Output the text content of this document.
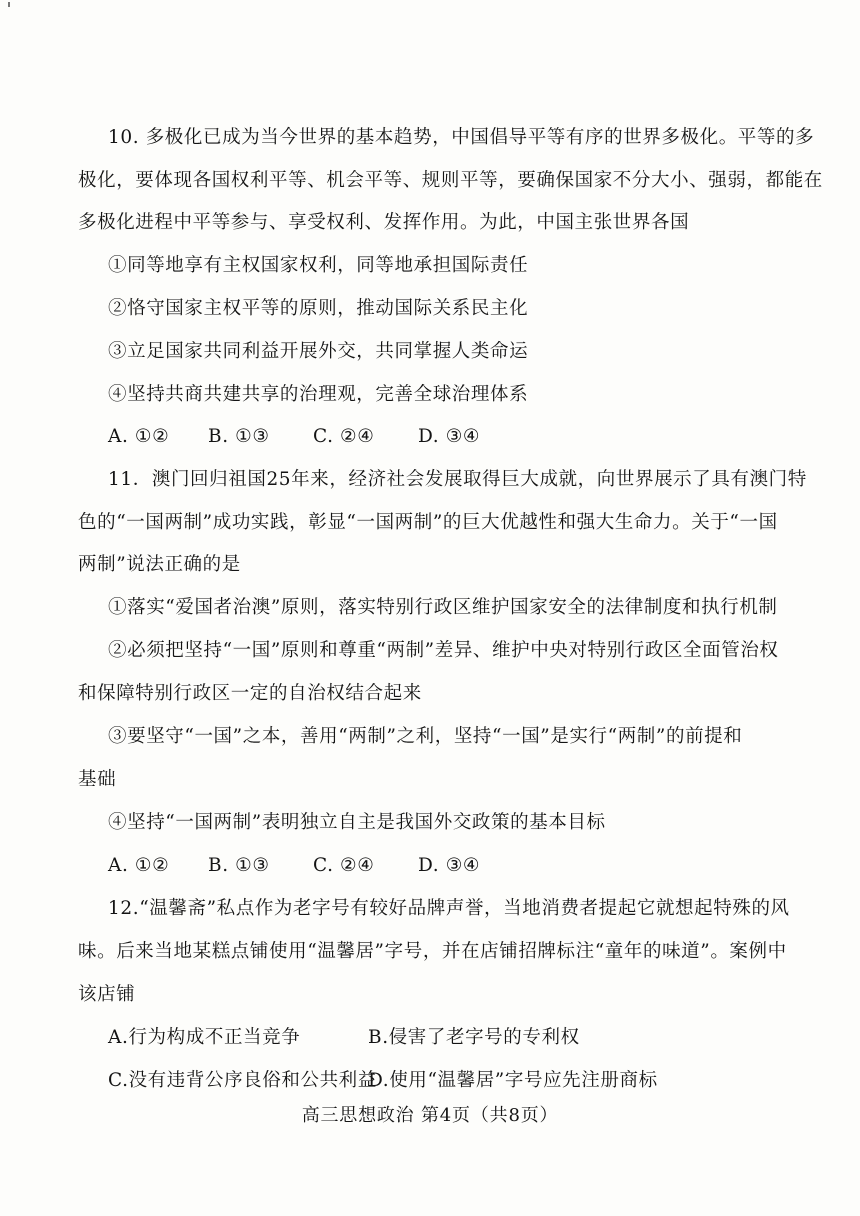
10. 多极化已成为当今世界的基本趋势，中国倡导平等有序的世界多极化。平等的多
极化，要体现各国权利平等、机会平等、规则平等，要确保国家不分大小、强弱，都能在
多极化进程中平等参与、享受权利、发挥作用。为此，中国主张世界各国
①同等地享有主权国家权利，同等地承担国际责任
②恪守国家主权平等的原则，推动国际关系民主化
③立足国家共同利益开展外交，共同掌握人类命运
④坚持共商共建共享的治理观，完善全球治理体系
A. ①②	B. ①③	C. ②④	D. ③④
11．澳门回归祖国25年来，经济社会发展取得巨大成就，向世界展示了具有澳门特
色的“一国两制”成功实践，彰显“一国两制”的巨大优越性和强大生命力。关于“一国
两制”说法正确的是
①落实“爱国者治澳”原则，落实特别行政区维护国家安全的法律制度和执行机制
②必须把坚持“一国”原则和尊重“两制”差异、维护中央对特别行政区全面管治权
和保障特别行政区一定的自治权结合起来
③要坚守“一国”之本，善用“两制”之利，坚持“一国”是实行“两制”的前提和
基础
④坚持“一国两制”表明独立自主是我国外交政策的基本目标
A. ①②	B. ①③	C. ②④	D. ③④
12.“温馨斋”私点作为老字号有较好品牌声誉，当地消费者提起它就想起特殊的风
味。后来当地某糕点铺使用“温馨居”字号，并在店铺招牌标注“童年的味道”。案例中
该店铺
A.行为构成不正当竞争	B.侵害了老字号的专利权
C.没有违背公序良俗和公共利益
D.使用“温馨居”字号应先注册商标
高三思想政治 第4页（共8页）
